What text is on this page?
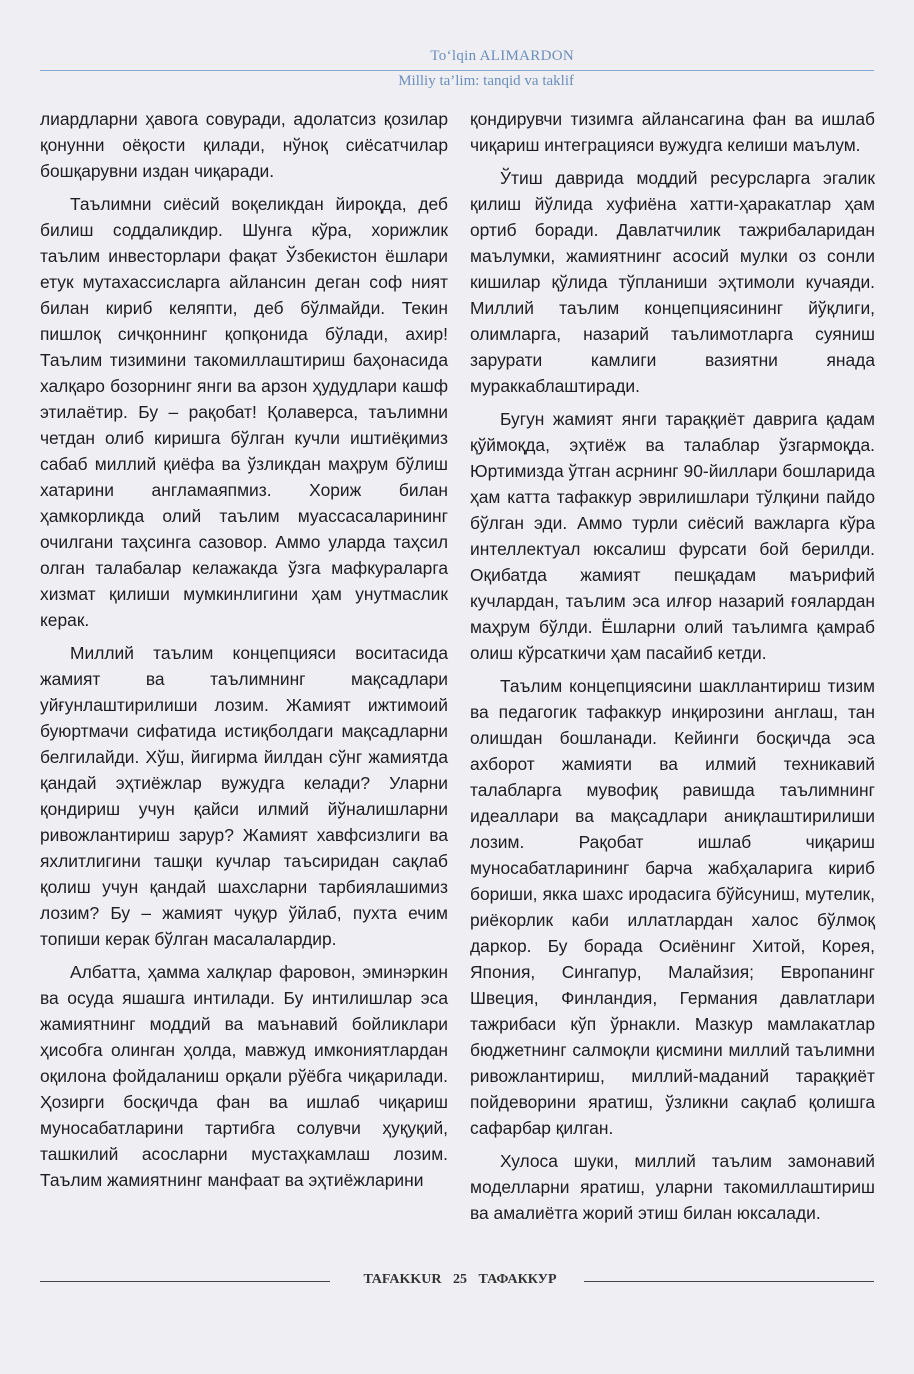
To‘lqin ALIMARDON
Milliy ta’lim: tanqid va taklif

лиардларни ҳавога совуради, адолатсиз қозилар қонунни оёқости қилади, нўноқ сиёсатчилар бошқарувни издан чиқаради.

Таълимни сиёсий воқеликдан йироқда, деб билиш соддаликдир. Шунга кўра, хорижлик таълим инвесторлари фақат Ўзбекистон ёшлари етук мутахассисларга айлансин деган соф ният билан кириб келяпти, деб бўлмайди. Текин пишлоқ сичқоннинг қопқонида бўлади, ахир! Таълим тизимини такомиллаштириш баҳонасида халқаро бозорнинг янги ва арзон ҳудудлари кашф этилаётир. Бу – рақобат! Қолаверса, таълимни четдан олиб киришга бўлган кучли иштиёқимиз сабаб миллий қиёфа ва ўзликдан маҳрум бўлиш хатарини англамаяпмиз. Хориж билан ҳамкорликда олий таълим муассасаларининг очилгани таҳсинга сазовор. Аммо уларда таҳсил олган талабалар келажакда ўзга мафкураларга хизмат қилиши мумкинлигини ҳам унутмаслик керак.

Миллий таълим концепцияси воситасида жамият ва таълимнинг мақсадлари уйғунлаштирилиши лозим. Жамият ижтимоий буюртмачи сифатида истиқболдаги мақсадларни белгилайди. Хўш, йигирма йилдан сўнг жамиятда қандай эҳтиёжлар вужудга келади? Уларни қондириш учун қайси илмий йўналишларни ривожлантириш зарур? Жамият хавфсизлиги ва яхлитлигини ташқи кучлар таъсиридан сақлаб қолиш учун қандай шахсларни тарбиялашимиз лозим? Бу – жамият чуқур ўйлаб, пухта ечим топиши керак бўлган масалалардир.

Албатта, ҳамма халқлар фаровон, эминэркин ва осуда яшашга интилади. Бу интилишлар эса жамиятнинг моддий ва маънавий бойликлари ҳисобга олинган ҳолда, мавжуд имкониятлардан оқилона фойдаланиш орқали рўёбга чиқарилади. Ҳозирги босқичда фан ва ишлаб чиқариш муносабатларини тартибга солувчи ҳуқуқий, ташкилий асосларни мустаҳкамлаш лозим. Таълим жамиятнинг манфаат ва эҳтиёжларини

қондирувчи тизимга айлансагина фан ва ишлаб чиқариш интеграцияси вужудга келиши маълум.

Ўтиш даврида моддий ресурсларга эгалик қилиш йўлида хуфиёна хатти-ҳаракатлар ҳам ортиб боради. Давлатчилик тажрибаларидан маълумки, жамиятнинг асосий мулки оз сонли кишилар қўлида тўпланиши эҳтимоли кучаяди. Миллий таълим концепциясининг йўқлиги, олимларга, назарий таълимотларга суяниш зарурати камлиги вазиятни янада мураккаблаштиради.

Бугун жамият янги тараққиёт даврига қадам қўймоқда, эҳтиёж ва талаблар ўзгармоқда. Юртимизда ўтган асрнинг 90-йиллари бошларида ҳам катта тафаккур эврилишлари тўлқини пайдо бўлган эди. Аммо турли сиёсий важларга кўра интеллектуал юксалиш фурсати бой берилди. Оқибатда жамият пешқадам маърифий кучлардан, таълим эса илғор назарий ғоялардан маҳрум бўлди. Ёшларни олий таълимга қамраб олиш кўрсаткичи ҳам пасайиб кетди.

Таълим концепциясини шакллантириш тизим ва педагогик тафаккур инқирозини англаш, тан олишдан бошланади. Кейинги босқичда эса ахборот жамияти ва илмий техникавий талабларга мувофиқ равишда таълимнинг идеаллари ва мақсадлари аниқлаштирилиши лозим. Рақобат ишлаб чиқариш муносабатларининг барча жабҳаларига кириб бориши, якка шахс иродасига бўйсуниш, мутелик, риёкорлик каби иллатлардан халос бўлмоқ даркор. Бу борада Осиёнинг Хитой, Корея, Япония, Сингапур, Малайзия; Европанинг Швеция, Финландия, Германия давлатлари тажрибаси кўп ўрнакли. Мазкур мамлакатлар бюджетнинг салмоқли қисмини миллий таълимни ривожлантириш, миллий-маданий тараққиёт пойдеворини яратиш, ўзликни сақлаб қолишга сафарбар қилган.

Хулоса шуки, миллий таълим замонавий моделларни яратиш, уларни такомиллаштириш ва амалиётга жорий этиш билан юксалади.

TAFAKKUR 25 ТАФАККУР
